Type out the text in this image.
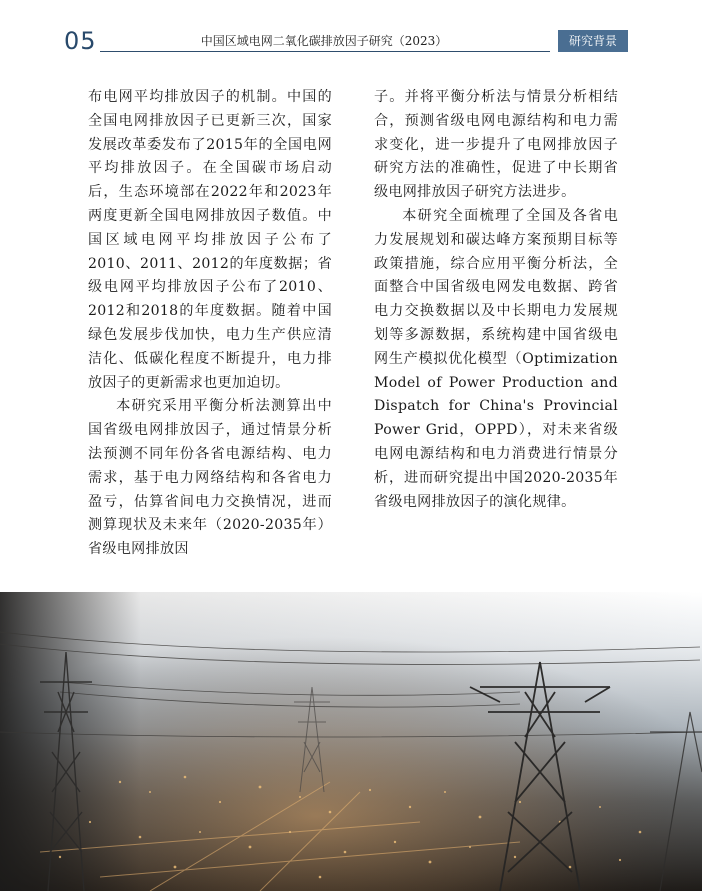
05	中国区域电网二氧化碳排放因子研究（2023）	研究背景

布电网平均排放因子的机制。中国的全国电网排放因子已更新三次，国家发展改革委发布了2015年的全国电网平均排放因子。在全国碳市场启动后，生态环境部在2022年和2023年两度更新全国电网排放因子数值。中国区域电网平均排放因子公布了2010、2011、2012的年度数据；省级电网平均排放因子公布了2010、2012和2018的年度数据。随着中国绿色发展步伐加快，电力生产供应清洁化、低碳化程度不断提升，电力排放因子的更新需求也更加迫切。

本研究采用平衡分析法测算出中国省级电网排放因子，通过情景分析法预测不同年份各省电源结构、电力需求，基于电力网络结构和各省电力盈亏，估算省间电力交换情况，进而测算现状及未来年（2020-2035年）省级电网排放因

子。并将平衡分析法与情景分析相结合，预测省级电网电源结构和电力需求变化，进一步提升了电网排放因子研究方法的准确性，促进了中长期省级电网排放因子研究方法进步。

本研究全面梳理了全国及各省电力发展规划和碳达峰方案预期目标等政策措施，综合应用平衡分析法，全面整合中国省级电网发电数据、跨省电力交换数据以及中长期电力发展规划等多源数据，系统构建中国省级电网生产模拟优化模型（Optimization Model of Power Production and Dispatch for China's Provincial Power Grid，OPPD），对未来省级电网电源结构和电力消费进行情景分析，进而研究提出中国2020-2035年省级电网排放因子的演化规律。
